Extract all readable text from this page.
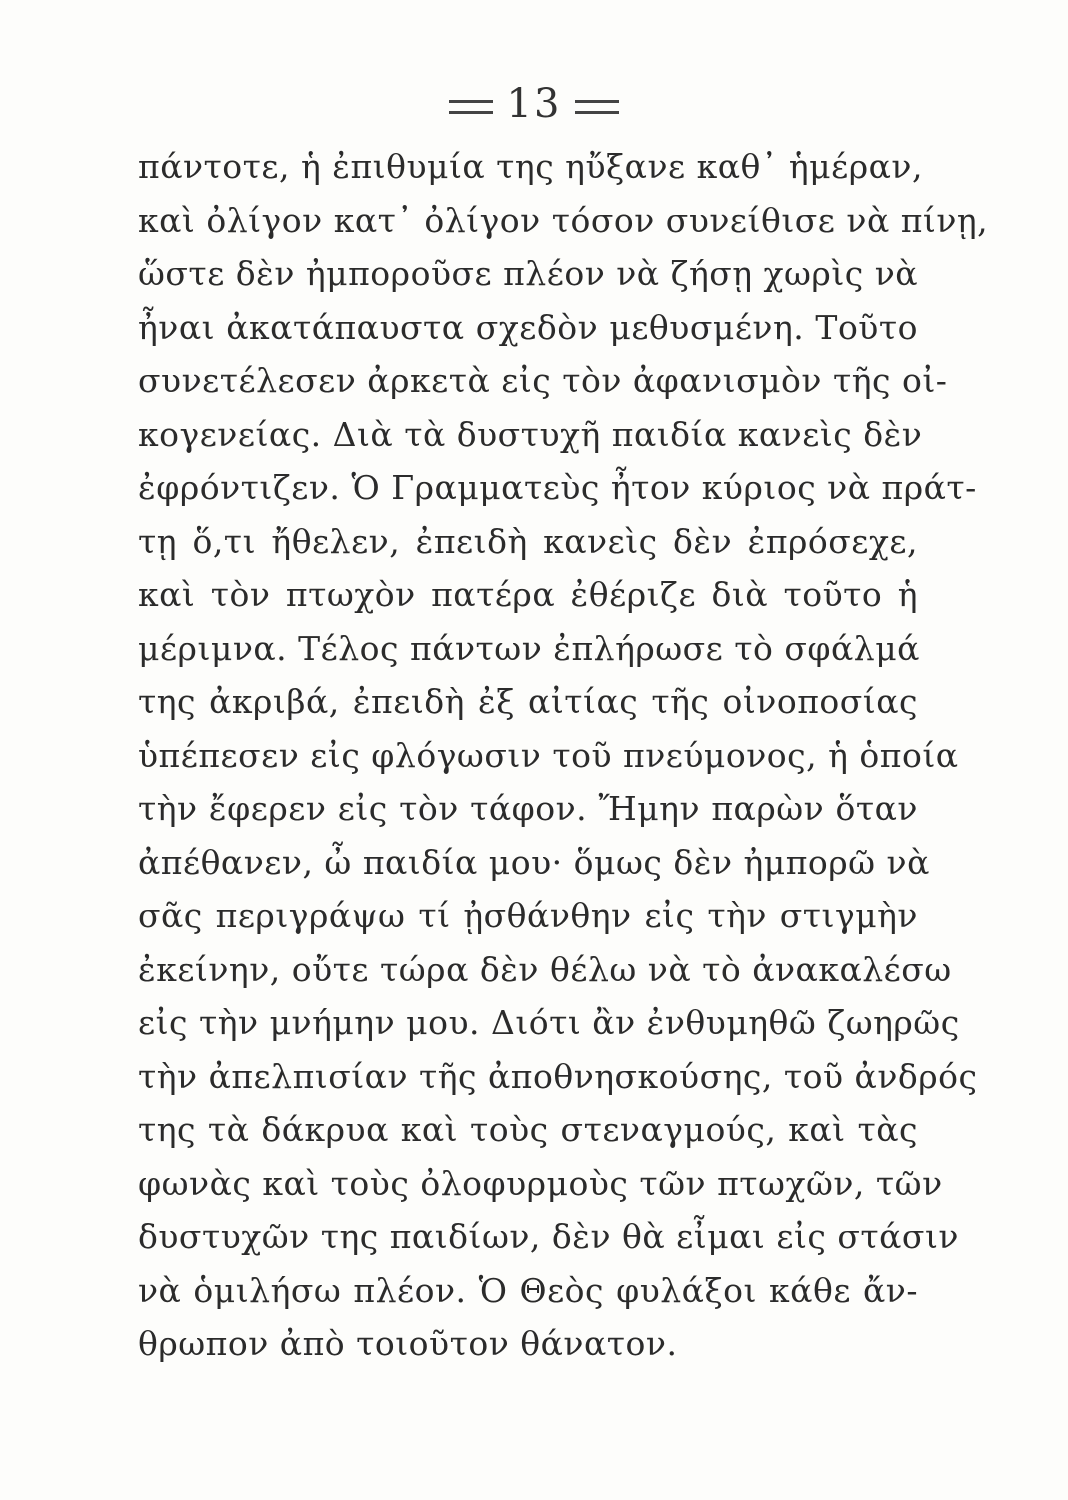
13
πάντοτε, ἡ ἐπιθυμία της ηὔξανε καθ᾽ ἡμέραν,
καὶ ὀλίγον κατ᾽ ὀλίγον τόσον συνείθισε νὰ πίνῃ,
ὥστε δὲν ἠμποροῦσε πλέον νὰ ζήσῃ χωρὶς νὰ
ἦναι ἀκατάπαυστα σχεδὸν μεθυσμένη. Τοῦτο
συνετέλεσεν ἀρκετὰ εἰς τὸν ἀφανισμὸν τῆς οἰ-
κογενείας. Διὰ τὰ δυστυχῆ παιδία κανεὶς δὲν
ἐφρόντιζεν. Ὁ Γραμματεὺς ἦτον κύριος νὰ πράτ-
τῃ ὅ,τι ἤθελεν, ἐπειδὴ κανεὶς δὲν ἐπρόσεχε,
καὶ τὸν πτωχὸν πατέρα ἐθέριζε διὰ τοῦτο ἡ
μέριμνα. Τέλος πάντων ἐπλήρωσε τὸ σφάλμά
της ἀκριβά, ἐπειδὴ ἐξ αἰτίας τῆς οἰνοποσίας
ὑπέπεσεν εἰς φλόγωσιν τοῦ πνεύμονος, ἡ ὁποία
τὴν ἔφερεν εἰς τὸν τάφον. Ἤμην παρὼν ὅταν
ἀπέθανεν, ὦ παιδία μου· ὅμως δὲν ἠμπορῶ νὰ
σᾶς περιγράψω τί ᾐσθάνθην εἰς τὴν στιγμὴν
ἐκείνην, οὔτε τώρα δὲν θέλω νὰ τὸ ἀνακαλέσω
εἰς τὴν μνήμην μου. Διότι ἂν ἐνθυμηθῶ ζωηρῶς
τὴν ἀπελπισίαν τῆς ἀποθνησκούσης, τοῦ ἀνδρός
της τὰ δάκρυα καὶ τοὺς στεναγμούς, καὶ τὰς
φωνὰς καὶ τοὺς ὀλοφυρμοὺς τῶν πτωχῶν, τῶν
δυστυχῶν της παιδίων, δὲν θὰ εἶμαι εἰς στάσιν
νὰ ὁμιλήσω πλέον. Ὁ Θεὸς φυλάξοι κάθε ἄν-
θρωπον ἀπὸ τοιοῦτον θάνατον.
